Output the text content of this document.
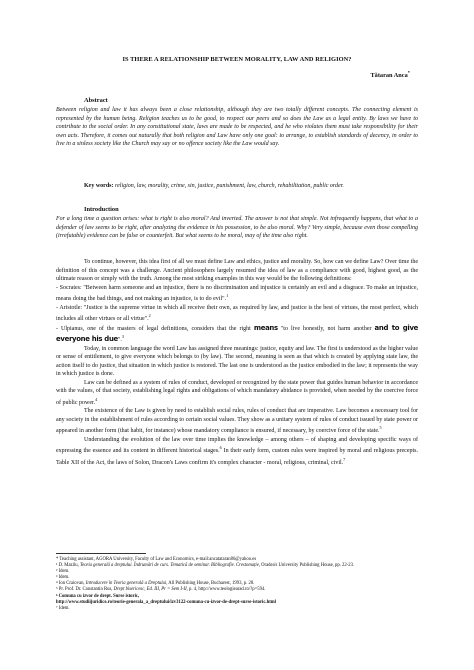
IS THERE A RELATIONSHIP BETWEEN MORALITY, LAW AND RELIGION?
Tătaran Anca*
Abstract
Between religion and law it has always been a close relationship, although they are two totally different concepts. The connecting element is represented by the human being. Religion teaches us to be good, to respect our peers and so does the Law as a legal entity. By laws we have to contribute to the social order. In any constitutional state, laws are made to be respected, and he who violates them must take responsibility for their own acts. Therefore, it comes out naturally that both religion and Law have only one goal: to arrange, to establish standards of decency, in order to live in a sinless society like the Church may say or no offence society like the Law would say.
Key words: religion, law, morality, crime, sin, justice, punishment, law, church, rehabilitation, public order.
Introduction
For a long time a question arises: what is right is also moral? And inverted. The answer is not that simple. Not infrequently happens, that what to a defender of law seems to be right, after analyzing the evidence in his possession, to be also moral. Why? Very simple, because even those compelling (irrefutable) evidence can be false or counterfeit. But what seems to be moral, may of the time also right.

To continue, however, this idea first of all we must define Law and ethics, justice and morality. So, how can we define Law? Over time the definition of this concept was a challenge. Ancient philosophers largely resumed the idea of law as a compliance with good, highest good, as the ultimate reason or simply with the truth. Among the most striking examples in this way would be the following definitions:

- Socrates: "Between harm someone and an injustice, there is no discrimination and injustice is certainly an evil and a disgrace. To make an injustice, means doing the bad things, and not making an injustice, is to do evil".$^1$

- Aristotle: "Justice is the supreme virtue in which all receive their own, as required by law, and justice is the best of virtues, the most perfect, which includes all other virtues or all virtue".$^2$

- Ulpianus, one of the masters of legal definitions, considers that the right means "to live honestly, not harm another and to give everyone his due".$^3$

Today, in common language the word Law has assigned three meanings: justice, equity and law. The first is understood as the higher value or sense of entitlement, to give everyone which belongs to (by law). The second, meaning is seen as that which is created by applying state law, the action itself to do justice, that situation in which justice is restored. The last one is understood as the justice embodied in the law; it represents the way in which justice is done.

Law can be defined as a system of rules of conduct, developed or recognized by the state power that guides human behavior in accordance with the values, of that society, establishing legal rights and obligations of which mandatory abidance is provided, when needed by the coercive force of public power.$^4$

The existence of the Law is given by need to establish social rules, rules of conduct that are imperative. Law becomes a necessary tool for any society in the establishment of rules according to certain social values. They show as a unitary system of rules of conduct issued by state power or appeared in another form (that habit, for instance) whose mandatory compliance is ensured, if necessary, by coercive force of the state.$^5$

Understanding the evolution of the law over time implies the knowledge – among others – of shaping and developing specific ways of expressing the essence and its content in different historical stages.$^6$ In their early form, custom rules were inspired by moral and religious precepts. Table XII of the Act, the laws of Solon, Dracon's Laws confirm it's complex character - moral, religious, criminal, civil.$^7$

* Teaching assistant, AGORA University, Faculty of Law and Economics, e-mail:ancatataran86@yahoo.es
¹ D. Mazilu, Teoria generală a dreptului. Îndrumări de curs. Tematică de seminar. Bibliografie. Crestomație, Oradea's University Publishing House, pp. 22-23.
² Idem.
³ Idem.
⁴ Ion Craiovan, Introducere în Teoria generală a Dreptului, All Publishing House, Bucharest, 1993, p. 28.
⁵ Pr. Prof. Dr. Constantin Rus, Drept bisericesc, Ed. III, Pr = Sem I-II, p. 4, http://www.teologiearad.ro/?p=594.
⁶ Comuna cu izvor de drept. Surse istoric,
http://www.studiijuridice.ro/teorie-generala_a_dreptului/izv3122-comuna-cu-izvor-de-drept-surse-istoric.html
⁷ Idem.
